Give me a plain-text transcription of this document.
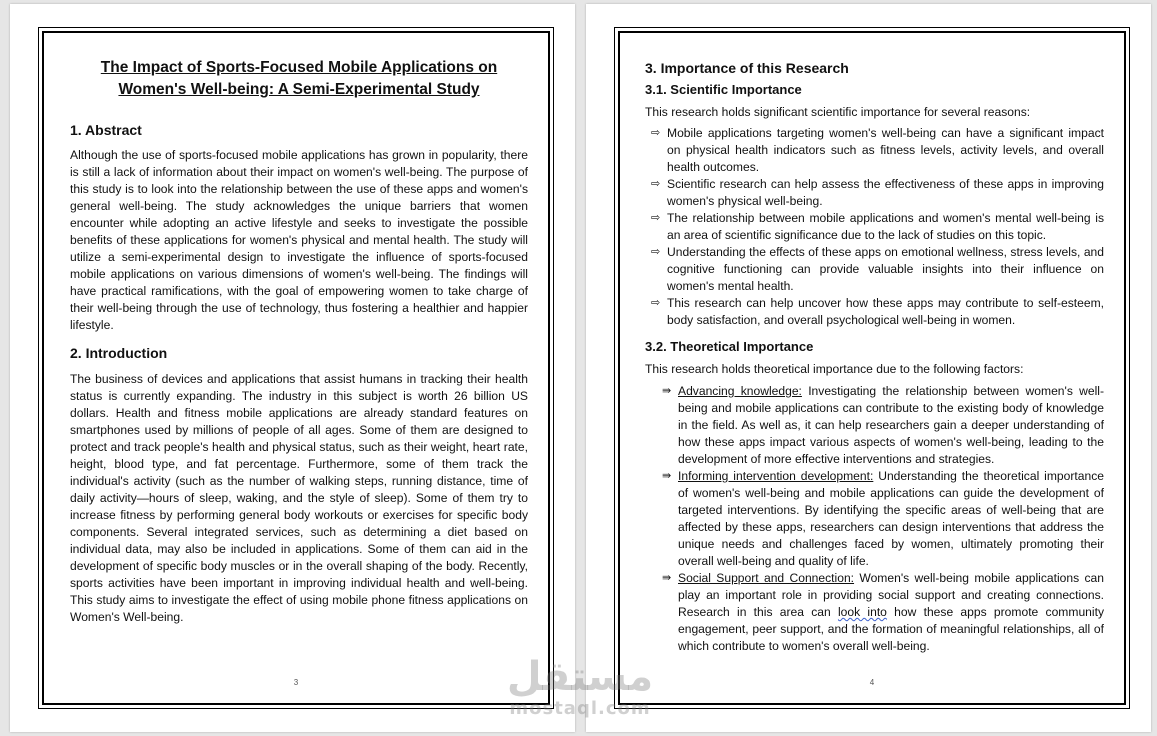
The Impact of Sports-Focused Mobile Applications on Women's Well-being: A Semi-Experimental Study
1. Abstract

Although the use of sports-focused mobile applications has grown in popularity, there is still a lack of information about their impact on women's well-being. The purpose of this study is to look into the relationship between the use of these apps and women's general well-being. The study acknowledges the unique barriers that women encounter while adopting an active lifestyle and seeks to investigate the possible benefits of these applications for women's physical and mental health. The study will utilize a semi-experimental design to investigate the influence of sports-focused mobile applications on various dimensions of women's well-being. The findings will have practical ramifications, with the goal of empowering women to take charge of their well-being through the use of technology, thus fostering a healthier and happier lifestyle.

2. Introduction

The business of devices and applications that assist humans in tracking their health status is currently expanding. The industry in this subject is worth 26 billion US dollars. Health and fitness mobile applications are already standard features on smartphones used by millions of people of all ages. Some of them are designed to protect and track people's health and physical status, such as their weight, heart rate, height, blood type, and fat percentage. Furthermore, some of them track the individual's activity (such as the number of walking steps, running distance, time of daily activity—hours of sleep, waking, and the style of sleep). Some of them try to increase fitness by performing general body workouts or exercises for specific body components. Several integrated services, such as determining a diet based on individual data, may also be included in applications. Some of them can aid in the development of specific body muscles or in the overall shaping of the body. Recently, sports activities have been important in improving individual health and well-being. This study aims to investigate the effect of using mobile phone fitness applications on Women's Well-being.

3
3. Importance of this Research
3.1. Scientific Importance

This research holds significant scientific importance for several reasons:

⇨ Mobile applications targeting women's well-being can have a significant impact on physical health indicators such as fitness levels, activity levels, and overall health outcomes.
⇨ Scientific research can help assess the effectiveness of these apps in improving women's physical well-being.
⇨ The relationship between mobile applications and women's mental well-being is an area of scientific significance due to the lack of studies on this topic.
⇨ Understanding the effects of these apps on emotional wellness, stress levels, and cognitive functioning can provide valuable insights into their influence on women's mental health.
⇨ This research can help uncover how these apps may contribute to self-esteem, body satisfaction, and overall psychological well-being in women.
3.2. Theoretical Importance

This research holds theoretical importance due to the following factors:

⇛ Advancing knowledge: Investigating the relationship between women's well-being and mobile applications can contribute to the existing body of knowledge in the field. As well as, it can help researchers gain a deeper understanding of how these apps impact various aspects of women's well-being, leading to the development of more effective interventions and strategies.
⇛ Informing intervention development: Understanding the theoretical importance of women's well-being and mobile applications can guide the development of targeted interventions. By identifying the specific areas of well-being that are affected by these apps, researchers can design interventions that address the unique needs and challenges faced by women, ultimately promoting their overall well-being and quality of life.
⇛ Social Support and Connection: Women's well-being mobile applications can play an important role in providing social support and creating connections. Research in this area can look into how these apps promote community engagement, peer support, and the formation of meaningful relationships, all of which contribute to women's overall well-being.
4
مستقل
mostaql.com
